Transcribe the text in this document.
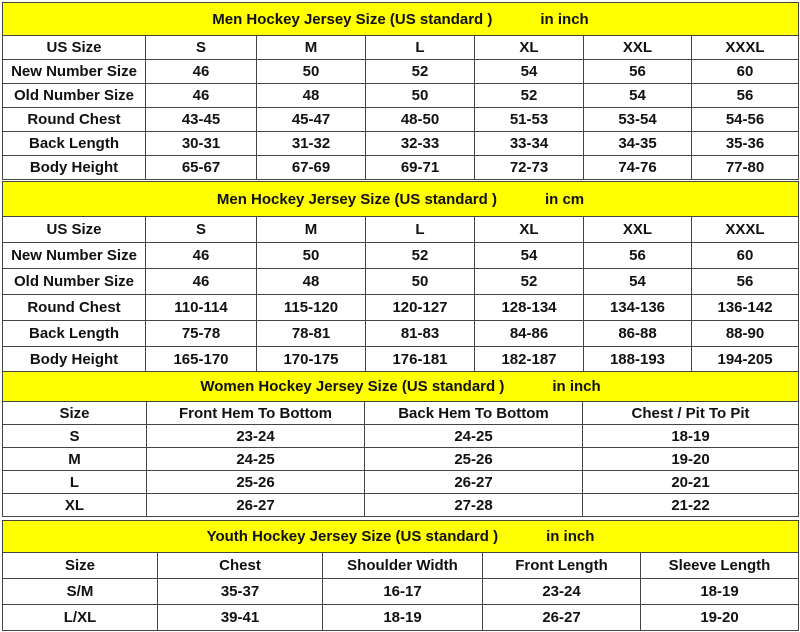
Men Hockey Jersey Size (US standard ) in inch						
US Size	S	M	L	XL	XXL	XXXL
New Number Size	46	50	52	54	56	60
Old Number Size	46	48	50	52	54	56
Round Chest	43-45	45-47	48-50	51-53	53-54	54-56
Back Length	30-31	31-32	32-33	33-34	34-35	35-36
Body Height	65-67	67-69	69-71	72-73	74-76	77-80
Men Hockey Jersey Size (US standard ) in cm						
US Size	S	M	L	XL	XXL	XXXL
New Number Size	46	50	52	54	56	60
Old Number Size	46	48	50	52	54	56
Round Chest	110-114	115-120	120-127	128-134	134-136	136-142
Back Length	75-78	78-81	81-83	84-86	86-88	88-90
Body Height	165-170	170-175	176-181	182-187	188-193	194-205
Women Hockey Jersey Size (US standard ) in inch			
Size	Front Hem To Bottom	Back Hem To Bottom	Chest / Pit To Pit
S	23-24	24-25	18-19
M	24-25	25-26	19-20
L	25-26	26-27	20-21
XL	26-27	27-28	21-22
Youth Hockey Jersey Size (US standard ) in inch				
Size	Chest	Shoulder Width	Front Length	Sleeve Length
S/M	35-37	16-17	23-24	18-19
L/XL	39-41	18-19	26-27	19-20
